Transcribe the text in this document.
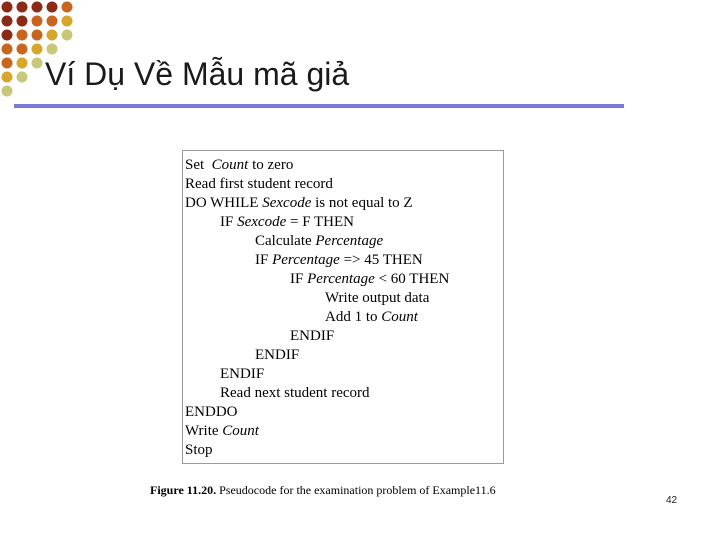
Ví Dụ Về Mẫu mã giả
Set  Count to zero
Read first student record
DO WHILE Sexcode is not equal to Z
IF Sexcode = F THEN
Calculate Percentage
IF Percentage => 45 THEN
IF Percentage < 60 THEN
Write output data
Add 1 to Count
ENDIF
ENDIF
ENDIF
Read next student record
ENDDO
Write Count
Stop
Figure 11.20. Pseudocode for the examination problem of Example11.6
42
